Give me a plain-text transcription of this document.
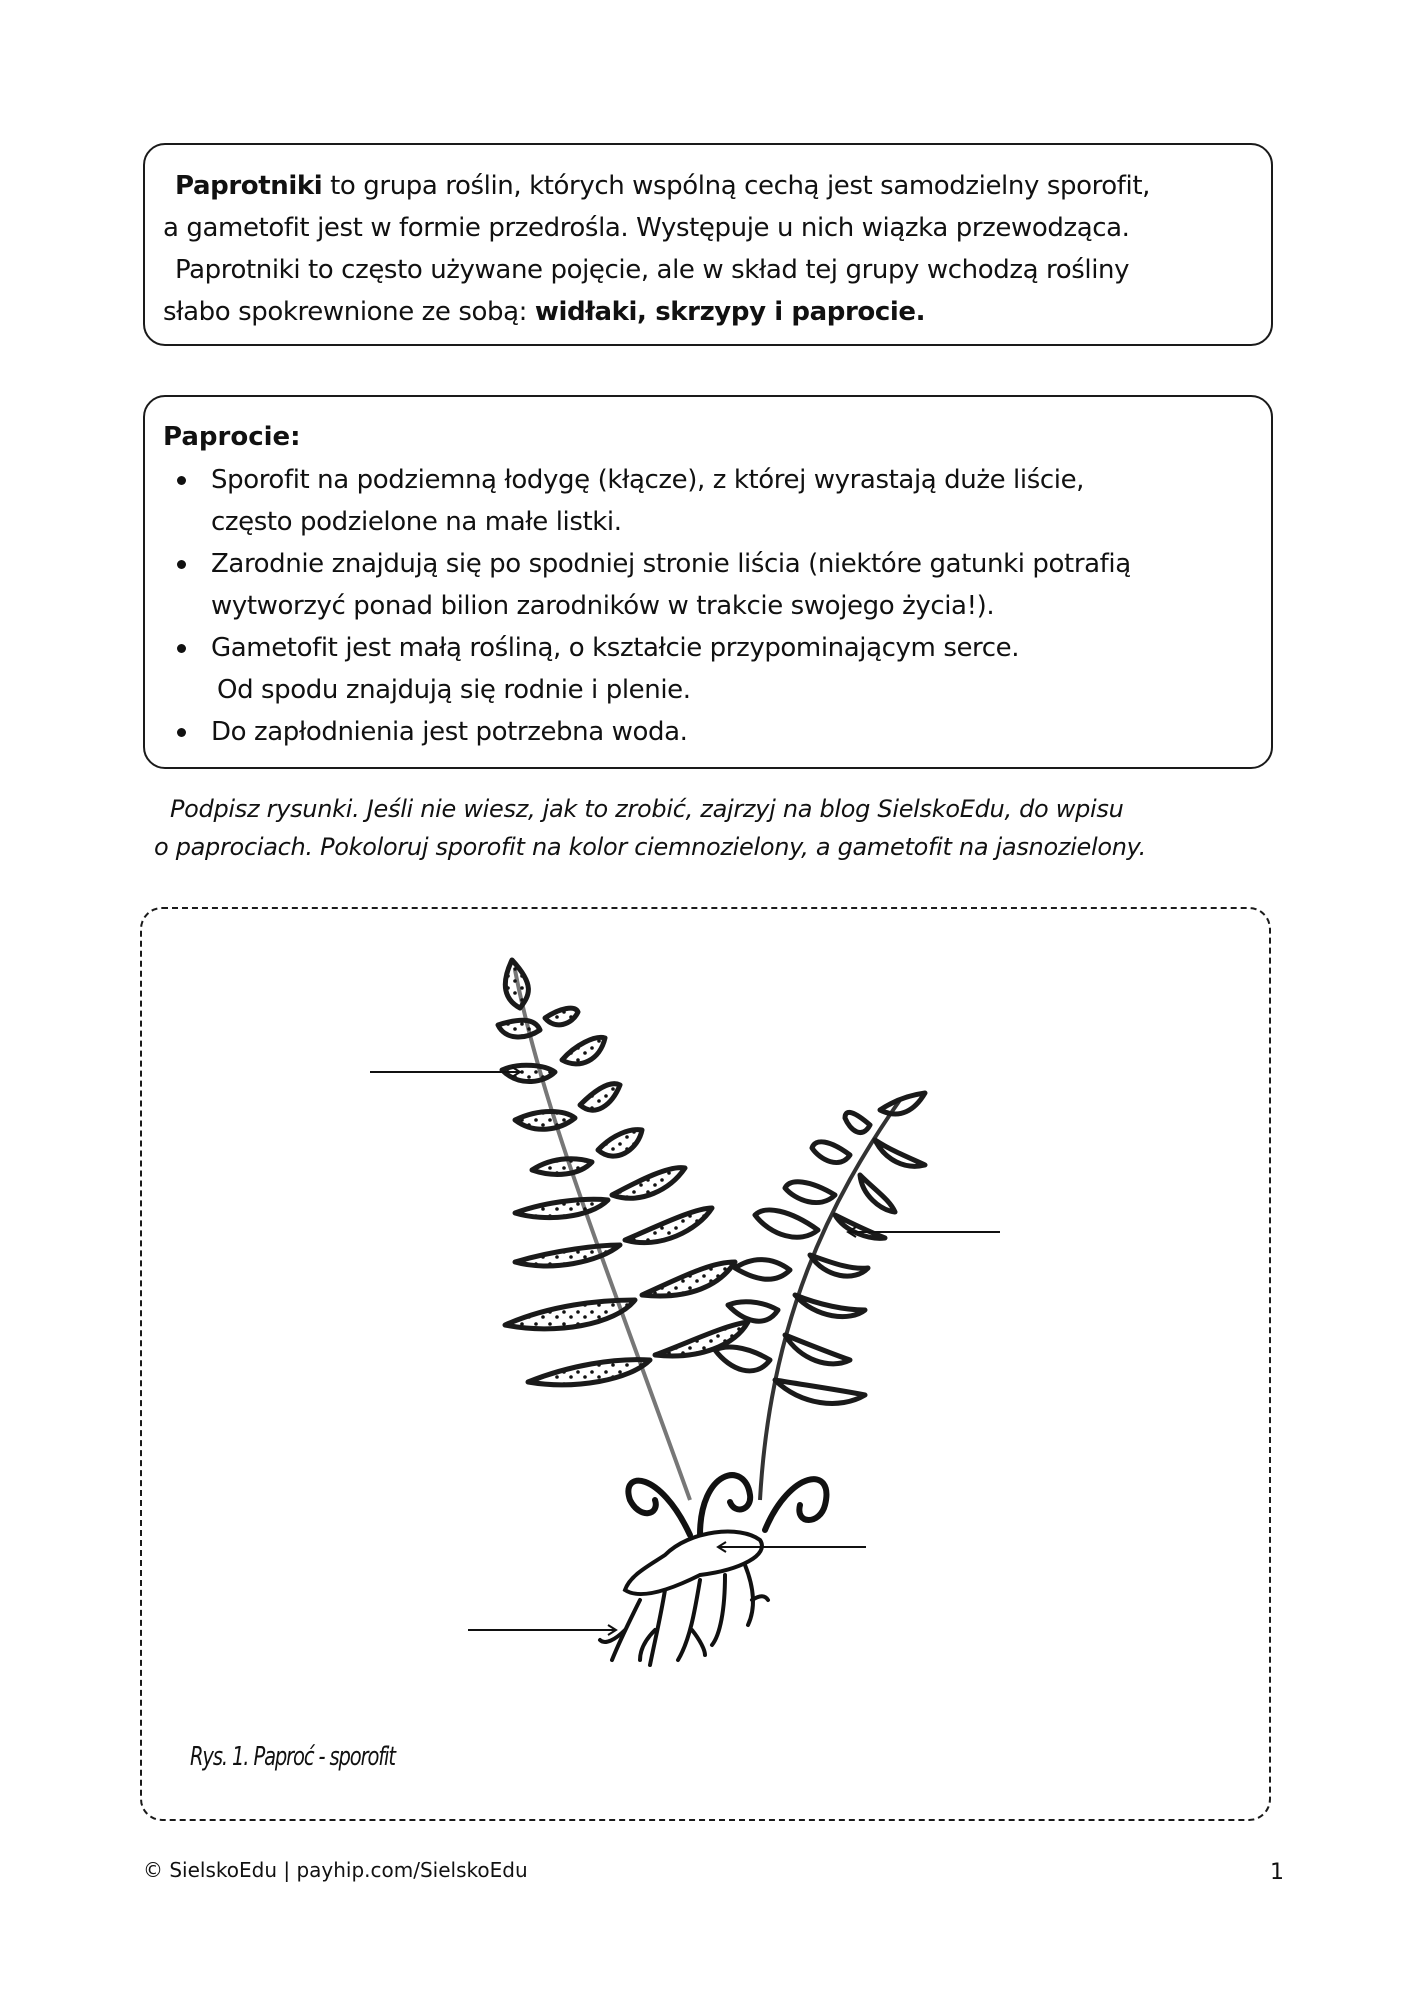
Paprotniki to grupa roślin, których wspólną cechą jest samodzielny sporofit,
a gametofit jest w formie przedrośla. Występuje u nich wiązka przewodząca.
Paprotniki to często używane pojęcie, ale w skład tej grupy wchodzą rośliny
słabo spokrewnione ze sobą: widłaki, skrzypy i paprocie.
Paprocie:
Sporofit na podziemną łodygę (kłącze), z której wyrastają duże liście,
często podzielone na małe listki.
Zarodnie znajdują się po spodniej stronie liścia (niektóre gatunki potrafią
wytworzyć ponad bilion zarodników w trakcie swojego życia!).
Gametofit jest małą rośliną, o kształcie przypominającym serce.
Od spodu znajdują się rodnie i plenie.
Do zapłodnienia jest potrzebna woda.
Podpisz rysunki. Jeśli nie wiesz, jak to zrobić, zajrzyj na blog SielskoEdu, do wpisu
o paprociach. Pokoloruj sporofit na kolor ciemnozielony, a gametofit na jasnozielony.
Rys. 1. Paproć - sporofit
© SielskoEdu | payhip.com/SielskoEdu	1
